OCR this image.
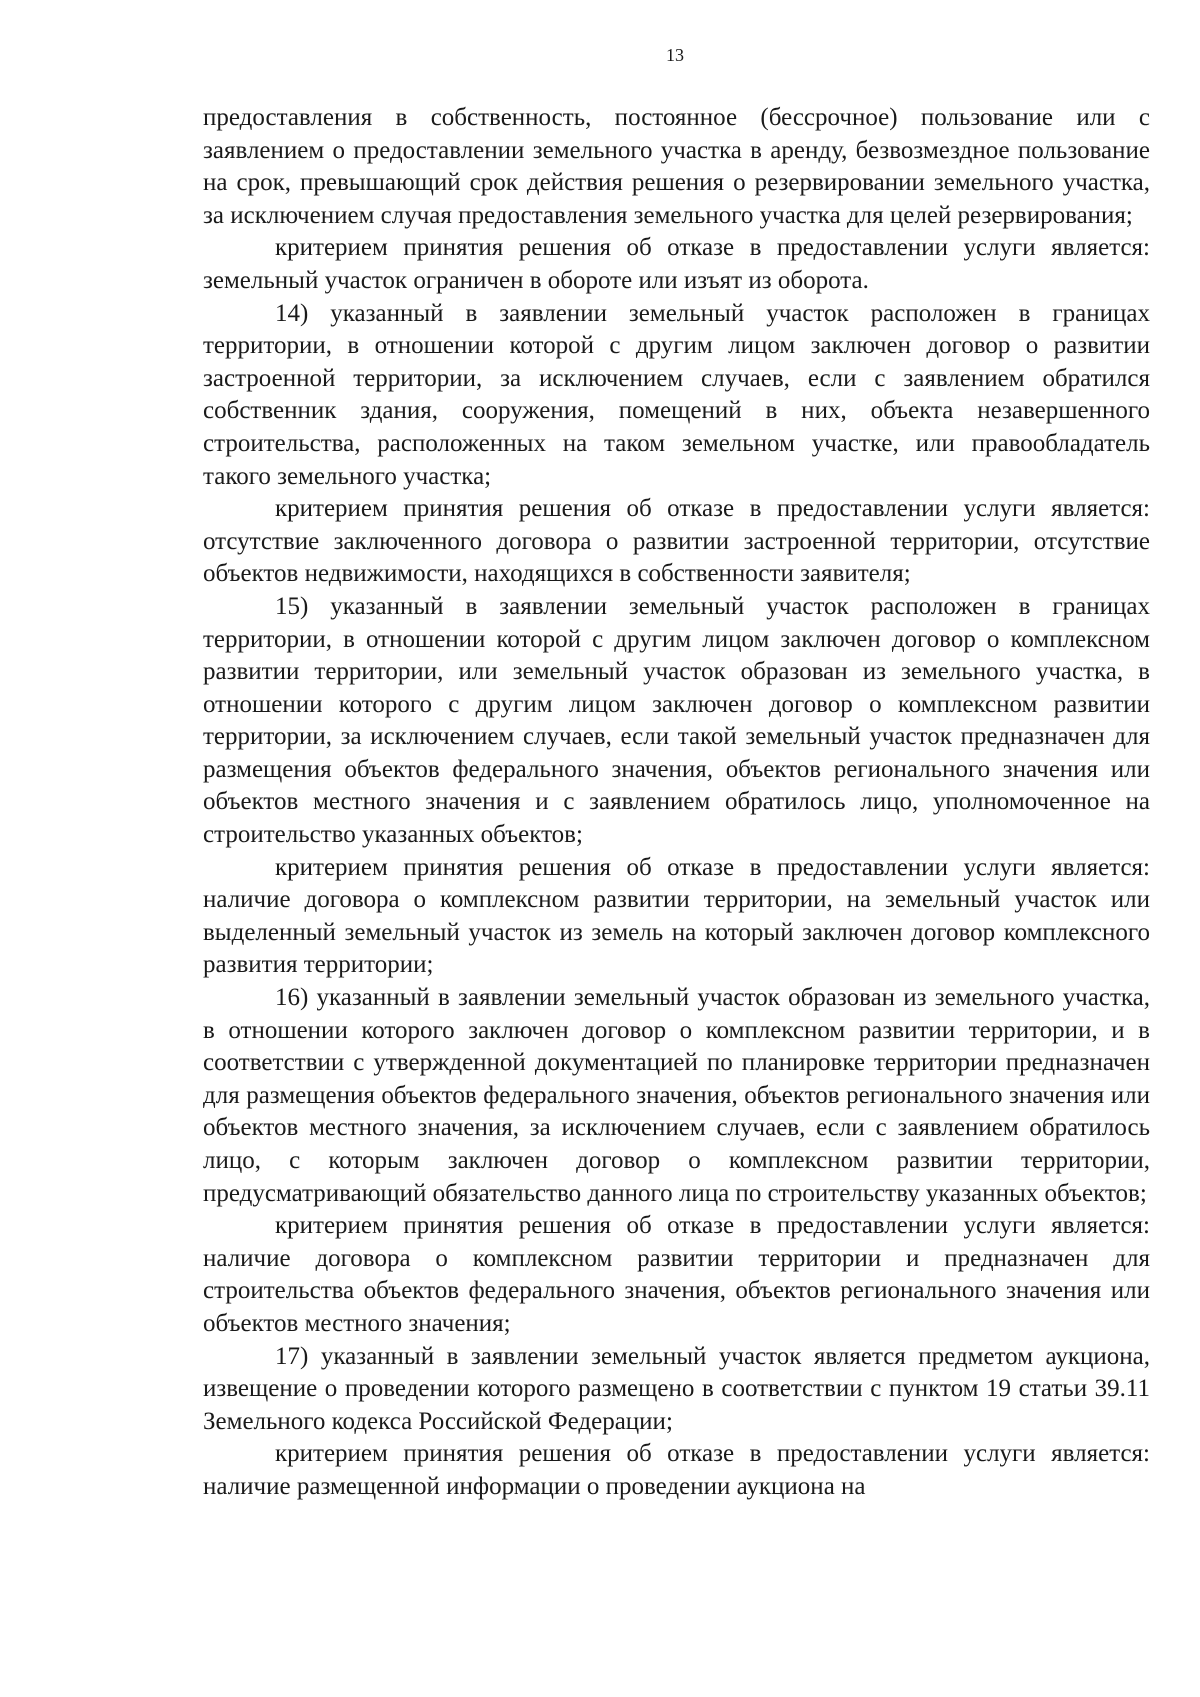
13

предоставления в собственность, постоянное (бессрочное) пользование или с заявлением о предоставлении земельного участка в аренду, безвозмездное пользование на срок, превышающий срок действия решения о резервировании земельного участка, за исключением случая предоставления земельного участка для целей резервирования;

критерием принятия решения об отказе в предоставлении услуги является: земельный участок ограничен в обороте или изъят из оборота.

14) указанный в заявлении земельный участок расположен в границах территории, в отношении которой с другим лицом заключен договор о развитии застроенной территории, за исключением случаев, если с заявлением обратился собственник здания, сооружения, помещений в них, объекта незавершенного строительства, расположенных на таком земельном участке, или правообладатель такого земельного участка;

критерием принятия решения об отказе в предоставлении услуги является: отсутствие заключенного договора о развитии застроенной территории, отсутствие объектов недвижимости, находящихся в собственности заявителя;

15) указанный в заявлении земельный участок расположен в границах территории, в отношении которой с другим лицом заключен договор о комплексном развитии территории, или земельный участок образован из земельного участка, в отношении которого с другим лицом заключен договор о комплексном развитии территории, за исключением случаев, если такой земельный участок предназначен для размещения объектов федерального значения, объектов регионального значения или объектов местного значения и с заявлением обратилось лицо, уполномоченное на строительство указанных объектов;

критерием принятия решения об отказе в предоставлении услуги является: наличие договора о комплексном развитии территории, на земельный участок или выделенный земельный участок из земель на который заключен договор комплексного развития территории;

16) указанный в заявлении земельный участок образован из земельного участка, в отношении которого заключен договор о комплексном развитии территории, и в соответствии с утвержденной документацией по планировке территории предназначен для размещения объектов федерального значения, объектов регионального значения или объектов местного значения, за исключением случаев, если с заявлением обратилось лицо, с которым заключен договор о комплексном развитии территории, предусматривающий обязательство данного лица по строительству указанных объектов;

критерием принятия решения об отказе в предоставлении услуги является: наличие договора о комплексном развитии территории и предназначен для строительства объектов федерального значения, объектов регионального значения или объектов местного значения;

17) указанный в заявлении земельный участок является предметом аукциона, извещение о проведении которого размещено в соответствии с пунктом 19 статьи 39.11 Земельного кодекса Российской Федерации;

критерием принятия решения об отказе в предоставлении услуги является: наличие размещенной информации о проведении аукциона на
